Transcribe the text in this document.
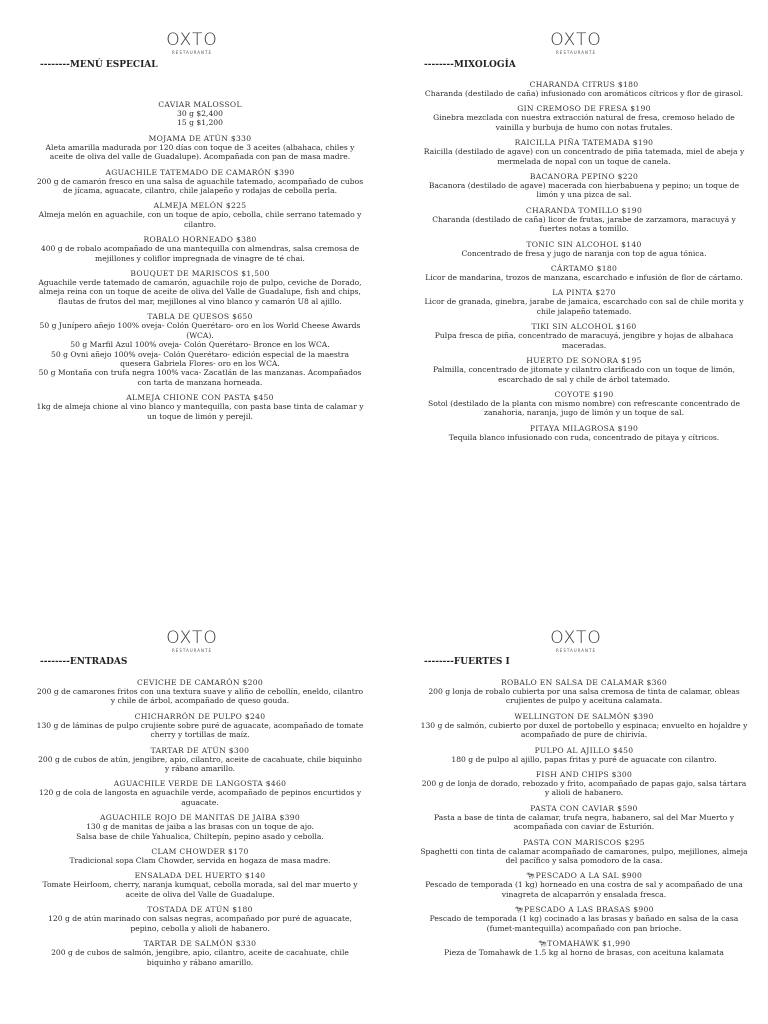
OXTO
RESTAURANTE
--------MENÚ ESPECIAL
CAVIAR MALOSSOL
30 g $2,400
15 g $1,200
MOJAMA DE ATÚN $330
Aleta amarilla madurada por 120 días con toque de 3 aceites (albahaca, chiles y aceite de oliva del valle de Guadalupe). Acompañada con pan de masa madre.
AGUACHILE TATEMADO DE CAMARÓN $390
200 g de camarón fresco en una salsa de aguachile tatemado, acompañado de cubos de jícama, aguacate, cilantro, chile jalapeño y rodajas de cebolla perla.
ALMEJA MELÓN $225
Almeja melón en aguachile, con un toque de apio, cebolla, chile serrano tatemado y cilantro.
ROBALO HORNEADO $380
400 g de robalo acompañado de una mantequilla con almendras, salsa cremosa de mejillones y coliflor impregnada de vinagre de té chai.
BOUQUET DE MARISCOS $1,500
Aguachile verde tatemado de camarón, aguachile rojo de pulpo, ceviche de Dorado, almeja reina con un toque de aceite de oliva del Valle de Guadalupe, fish and chips, flautas de frutos del mar, mejillones al vino blanco y camarón U8 al ajillo.
TABLA DE QUESOS $650
50 g Junípero añejo 100% oveja- Colón Querétaro- oro en los World Cheese Awards (WCA).
50 g Marfil Azul 100% oveja- Colón Querétaro- Bronce en los WCA.
50 g Ovni añejo 100% oveja- Colón Querétaro- edición especial de la maestra quesera Gabriela Flores- oro en los WCA.
50 g Montaña con trufa negra 100% vaca- Zacatlán de las manzanas. Acompañados con tarta de manzana horneada.
ALMEJA CHIONE CON PASTA $450
1kg de almeja chione al vino blanco y mantequilla, con pasta base tinta de calamar y un toque de limón y perejil.
OXTO
RESTAURANTE
--------MIXOLOGÍA
CHARANDA CITRUS $180
Charanda (destilado de caña) infusionado con aromáticos cítricos y flor de girasol.
GIN CREMOSO DE FRESA $190
Ginebra mezclada con nuestra extracción natural de fresa, cremoso helado de vainilla y burbuja de humo con notas frutales.
RAICILLA PIÑA TATEMADA $190
Raicilla (destilado de agave) con un concentrado de piña tatemada, miel de abeja y mermelada de nopal con un toque de canela.
BACANORA PEPINO $220
Bacanora (destilado de agave) macerada con hierbabuena y pepino; un toque de limón y una pizca de sal.
CHARANDA TOMILLO $190
Charanda (destilado de caña) licor de frutas, jarabe de zarzamora, maracuyá y fuertes notas a tomillo.
TONIC SIN ALCOHOL $140
Concentrado de fresa y jugo de naranja con top de agua tónica.
CÁRTAMO $180
Licor de mandarina, trozos de manzana, escarchado e infusión de flor de cártamo.
LA PINTA $270
Licor de granada, ginebra, jarabe de jamaica, escarchado con sal de chile morita y chile jalapeño tatemado.
TIKI SIN ALCOHOL $160
Pulpa fresca de piña, concentrado de maracuyá, jengibre y hojas de albahaca maceradas.
HUERTO DE SONORA $195
Palmilla, concentrado de jitomate y cilantro clarificado con un toque de limón, escarchado de sal y chile de árbol tatemado.
COYOTE $190
Sotol (destilado de la planta con mismo nombre) con refrescante concentrado de zanahoria, naranja, jugo de limón y un toque de sal.
PITAYA MILAGROSA $190
Tequila blanco infusionado con ruda, concentrado de pitaya y cítricos.
OXTO
RESTAURANTE
--------ENTRADAS
CEVICHE DE CAMARÓN $200
200 g de camarones fritos con una textura suave y aliño de cebollín, eneldo, cilantro y chile de árbol, acompañado de queso gouda.
CHICHARRÓN DE PULPO $240
130 g de láminas de pulpo crujiente sobre puré de aguacate, acompañado de tomate cherry y tortillas de maíz.
TARTAR DE ATÚN $300
200 g de cubos de atún, jengibre, apio, cilantro, aceite de cacahuate, chile biquinho y rábano amarillo.
AGUACHILE VERDE DE LANGOSTA $460
120 g de cola de langosta en aguachile verde, acompañado de pepinos encurtidos y aguacate.
AGUACHILE ROJO DE MANITAS DE JAIBA $390
130 g de manitas de jaiba a las brasas con un toque de ajo.
Salsa base de chile Yahualica, Chiltepín, pepino asado y cebolla.
CLAM CHOWDER $170
Tradicional sopa Clam Chowder, servida en hogaza de masa madre.
ENSALADA DEL HUERTO $140
Tomate Heirloom, cherry, naranja kumquat, cebolla morada, sal del mar muerto y aceite de oliva del Valle de Guadalupe.
TOSTADA DE ATÚN $180
120 g de atún marinado con salsas negras, acompañado por puré de aguacate, pepino, cebolla y alioli de habanero.
TARTAR DE SALMÓN $330
200 g de cubos de salmón, jengibre, apio, cilantro, aceite de cacahuate, chile biquinho y rábano amarillo.
OXTO
RESTAURANTE
--------FUERTES I
ROBALO EN SALSA DE CALAMAR $360
200 g lonja de robalo cubierta por una salsa cremosa de tinta de calamar, obleas crujientes de pulpo y aceituna calamata.
WELLINGTON DE SALMÓN $390
130 g de salmón, cubierto por duxel de portobello y espinaca; envuelto en hojaldre y acompañado de pure de chirivía.
PULPO AL AJILLO $450
180 g de pulpo al ajillo, papas fritas y puré de aguacate con cilantro.
FISH AND CHIPS $300
200 g de lonja de dorado, rebozado y frito, acompañado de papas gajo, salsa tártara y alioli de habanero.
PASTA CON CAVIAR $590
Pasta a base de tinta de calamar, trufa negra, habanero, sal del Mar Muerto y acompañada con caviar de Esturión.
PASTA CON MARISCOS $295
Spaghetti con tinta de calamar acompañado de camarones, pulpo, mejillones, almeja del pacífico y salsa pomodoro de la casa.
🐄PESCADO A LA SAL $900
Pescado de temporada (1 kg) horneado en una costra de sal y acompañado de una vinagreta de alcaparrón y ensalada fresca.
🐄PESCADO A LAS BRASAS $900
Pescado de temporada (1 kg) cocinado a las brasas y bañado en salsa de la casa (fumet-mantequilla) acompañado con pan brioche.
🐄TOMAHAWK $1,990
Pieza de Tomahawk de 1.5 kg al horno de brasas, con aceituna kalamata
